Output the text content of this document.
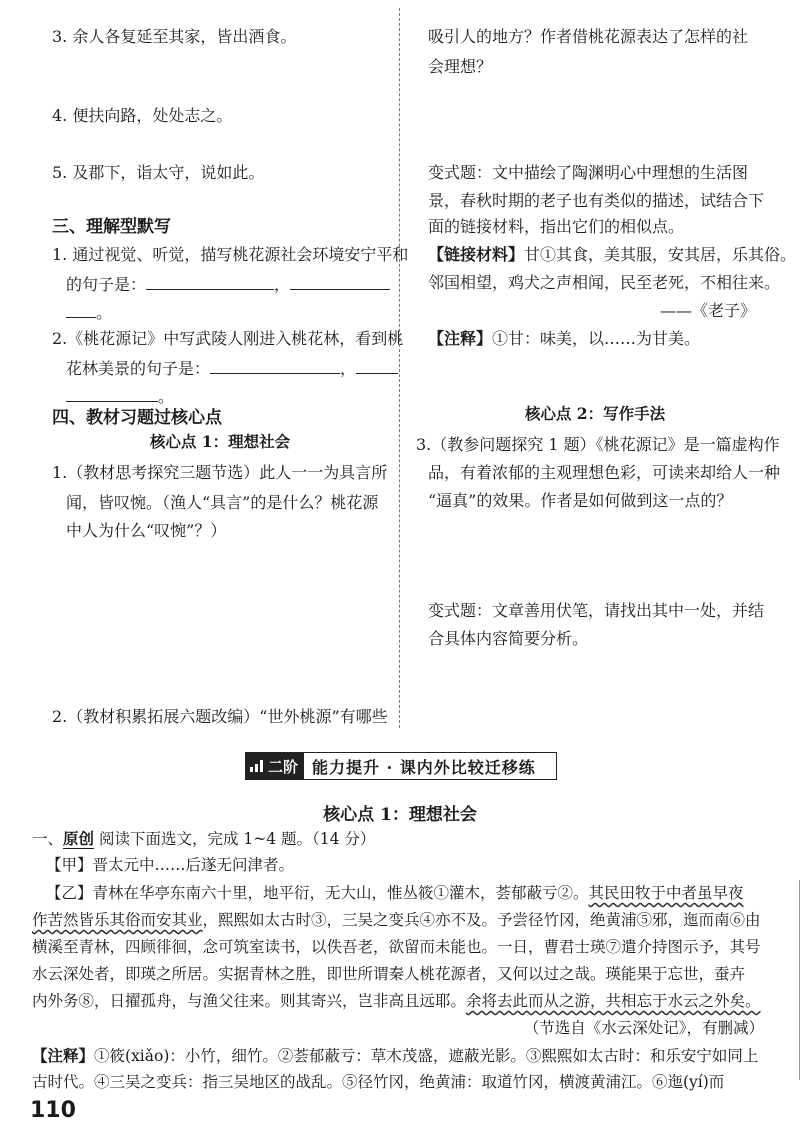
3. 余人各复延至其家，皆出酒食。
4. 便扶向路，处处志之。
5. 及郡下，诣太守，说如此。
三、理解型默写
1. 通过视觉、听觉，描写桃花源社会环境安宁平和
的句子是：	，
。
2.《桃花源记》中写武陵人刚进入桃花林，看到桃
花林美景的句子是：	，
。
四、教材习题过核心点
核心点 1：理想社会
1.（教材思考探究三题节选）此人一一为具言所
闻，皆叹惋。（渔人“具言”的是什么？桃花源
中人为什么“叹惋”？）
2.（教材积累拓展六题改编）“世外桃源”有哪些
吸引人的地方？作者借桃花源表达了怎样的社
会理想？
变式题：文中描绘了陶渊明心中理想的生活图
景，春秋时期的老子也有类似的描述，试结合下
面的链接材料，指出它们的相似点。
【链接材料】甘①其食，美其服，安其居，乐其俗。
邻国相望，鸡犬之声相闻，民至老死，不相往来。
——《老子》
【注释】①甘：味美，以……为甘美。
核心点 2：写作手法
3.（教参问题探究 1 题）《桃花源记》是一篇虚构作
品，有着浓郁的主观理想色彩，可读来却给人一种
“逼真”的效果。作者是如何做到这一点的？
变式题：文章善用伏笔，请找出其中一处，并结
合具体内容简要分析。
二阶 能力提升 · 课内外比较迁移练
核心点 1：理想社会
一、原创 阅读下面选文，完成 1~4 题。（14 分）
【甲】晋太元中……后遂无问津者。
【乙】青林在华亭东南六十里，地平衍，无大山，惟丛筱①灌木，荟郁蔽亏②。其民田牧于中者虽早夜
作苦然皆乐其俗而安其业，熙熙如太古时③，三吴之变兵④亦不及。予尝径竹冈，绝黄浦⑤邪，迤而南⑥由
横溪至青林，四顾徘徊，念可筑室读书，以佚吾老，欲留而未能也。一日，曹君士瑛⑦遣介持图示予，其号
水云深处者，即瑛之所居。实据青林之胜，即世所谓秦人桃花源者，又何以过之哉。瑛能果于忘世，蚕卉
内外务⑧，日擢孤舟，与渔父往来。则其寄兴，岂非高且远耶。余将去此而从之游，共相忘于水云之外矣。
（节选自《水云深处记》，有删减）
【注释】①筱(xiǎo)：小竹，细竹。②荟郁蔽亏：草木茂盛，遮蔽光影。③熙熙如太古时：和乐安宁如同上
古时代。④三吴之变兵：指三吴地区的战乱。⑤径竹冈，绝黄浦：取道竹冈，横渡黄浦江。⑥迤(yí)而
110
